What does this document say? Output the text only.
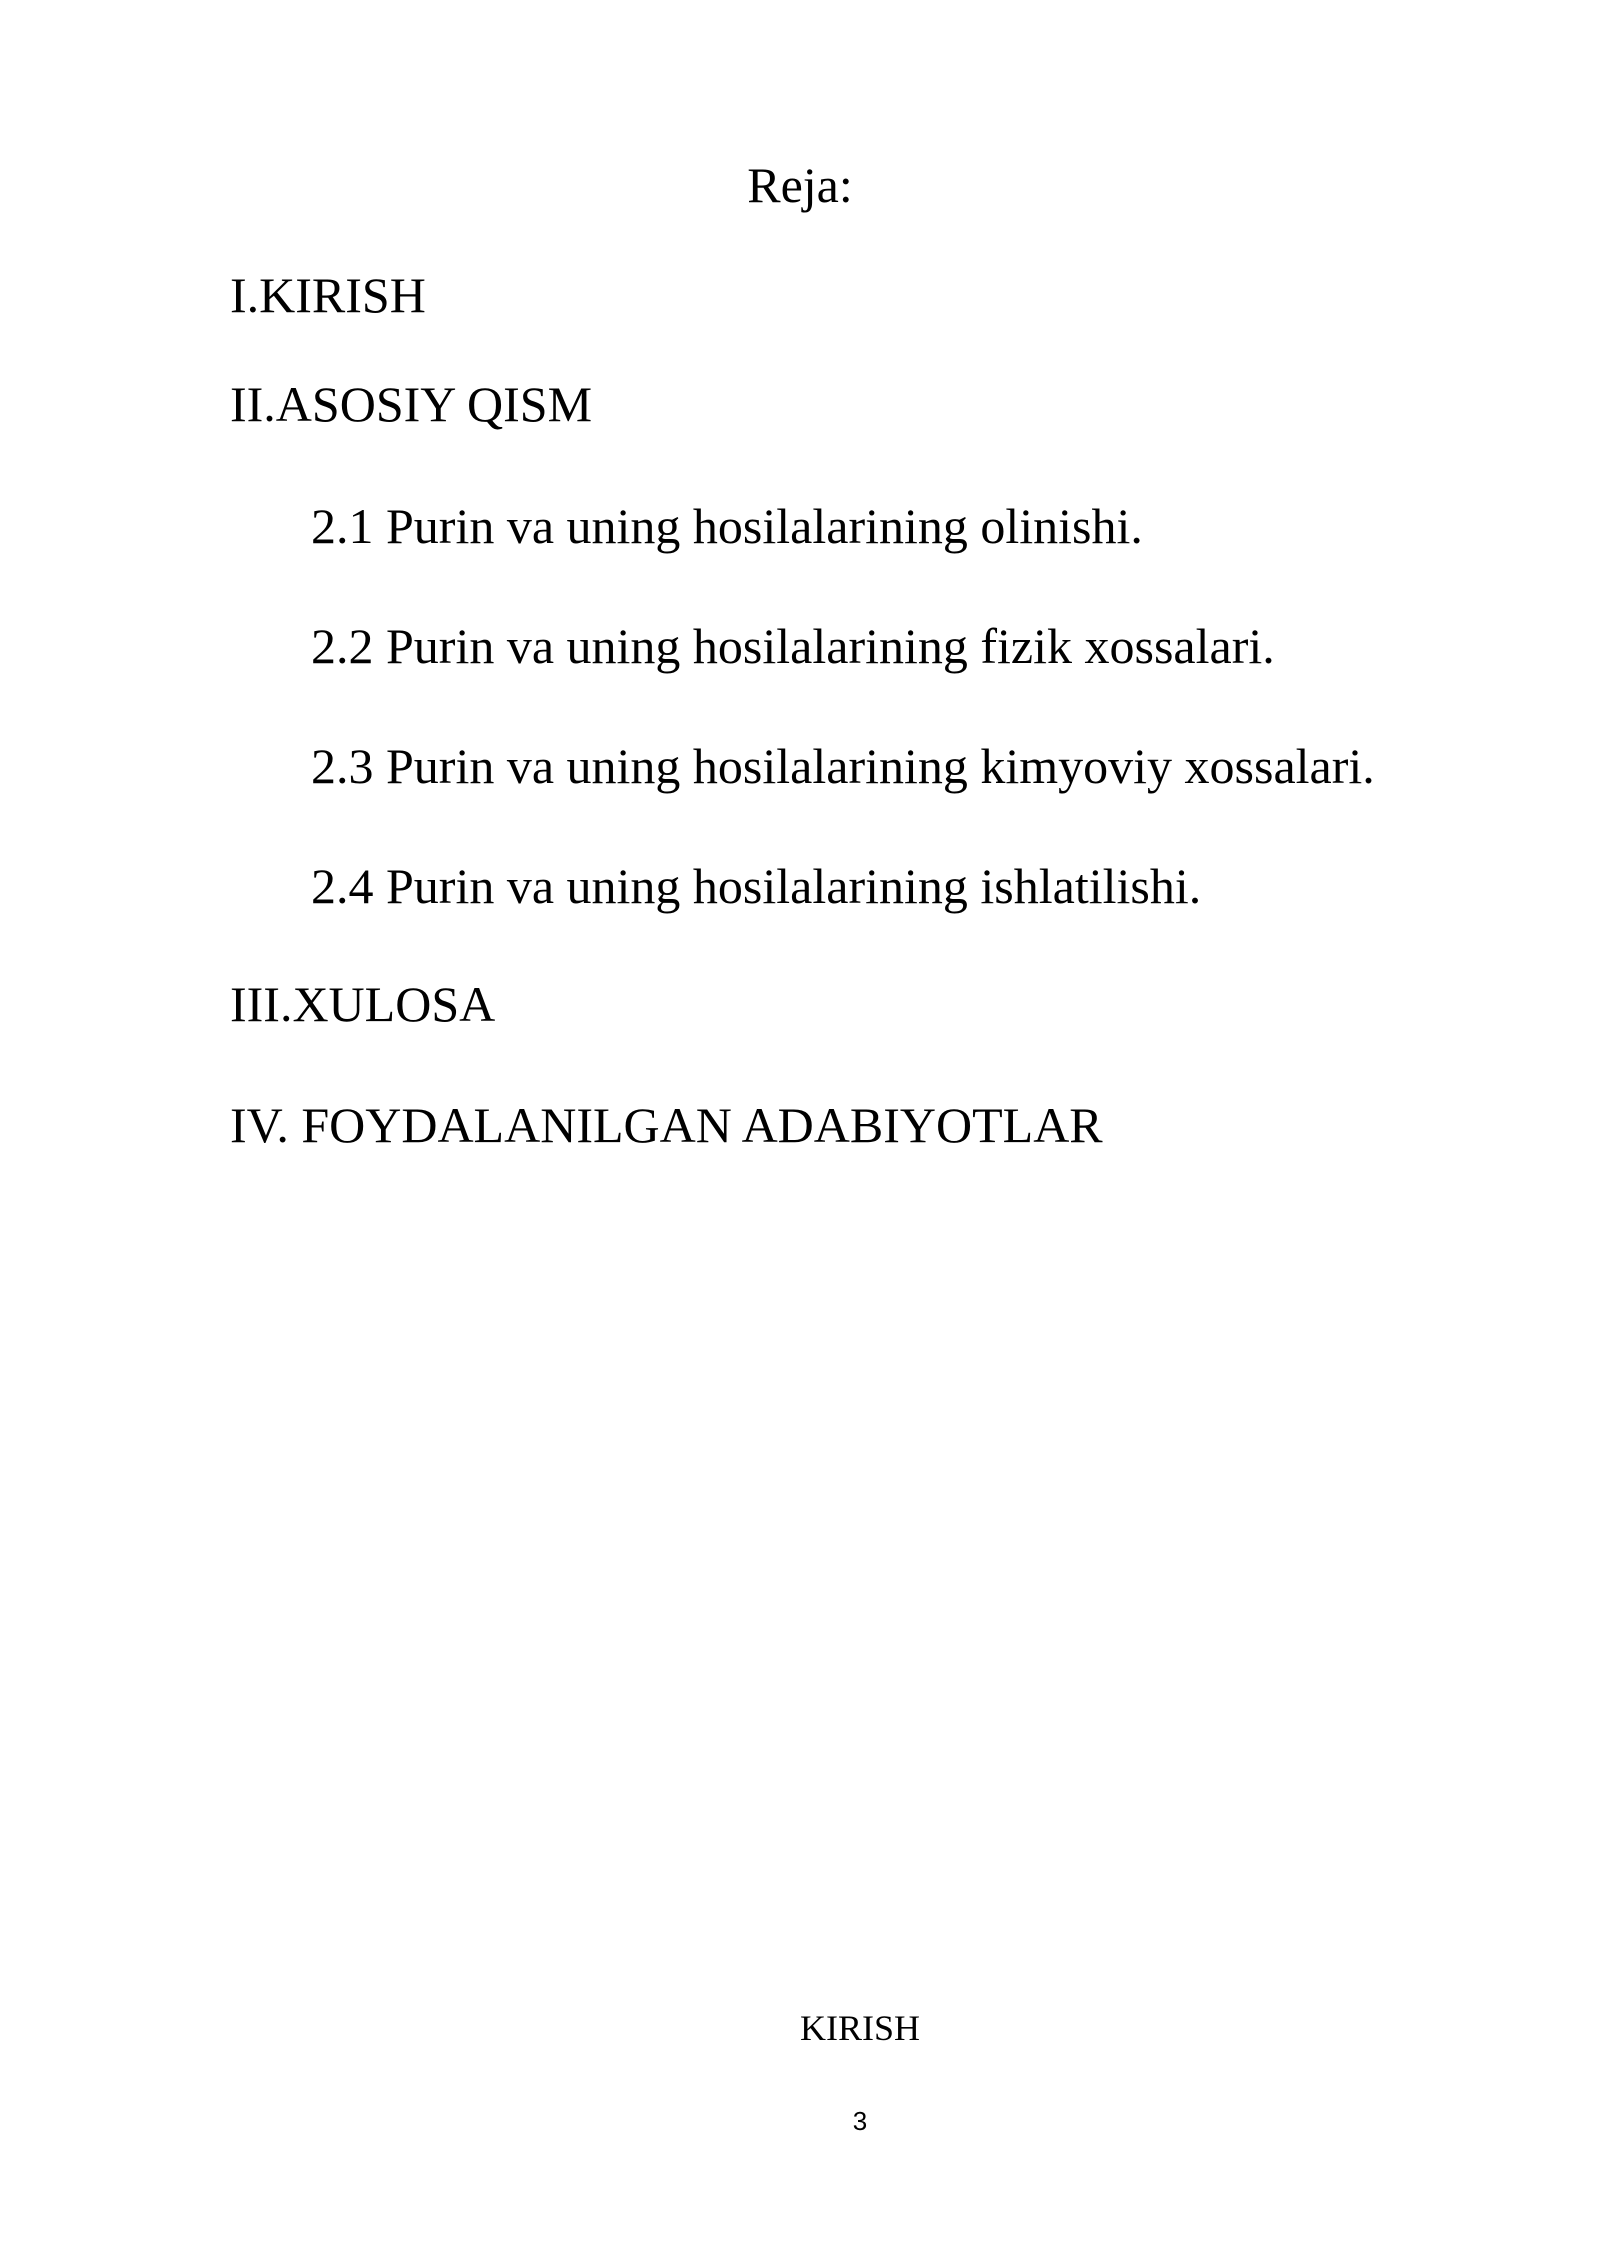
Reja:
I.KIRISH
II.ASOSIY QISM
2.1 Purin va uning hosilalarining olinishi.
2.2 Purin va uning hosilalarining fizik xossalari.
2.3 Purin va uning hosilalarining kimyoviy xossalari.
2.4 Purin va uning hosilalarining ishlatilishi.
III.XULOSA
IV. FOYDALANILGAN ADABIYOTLAR
KIRISH
3
